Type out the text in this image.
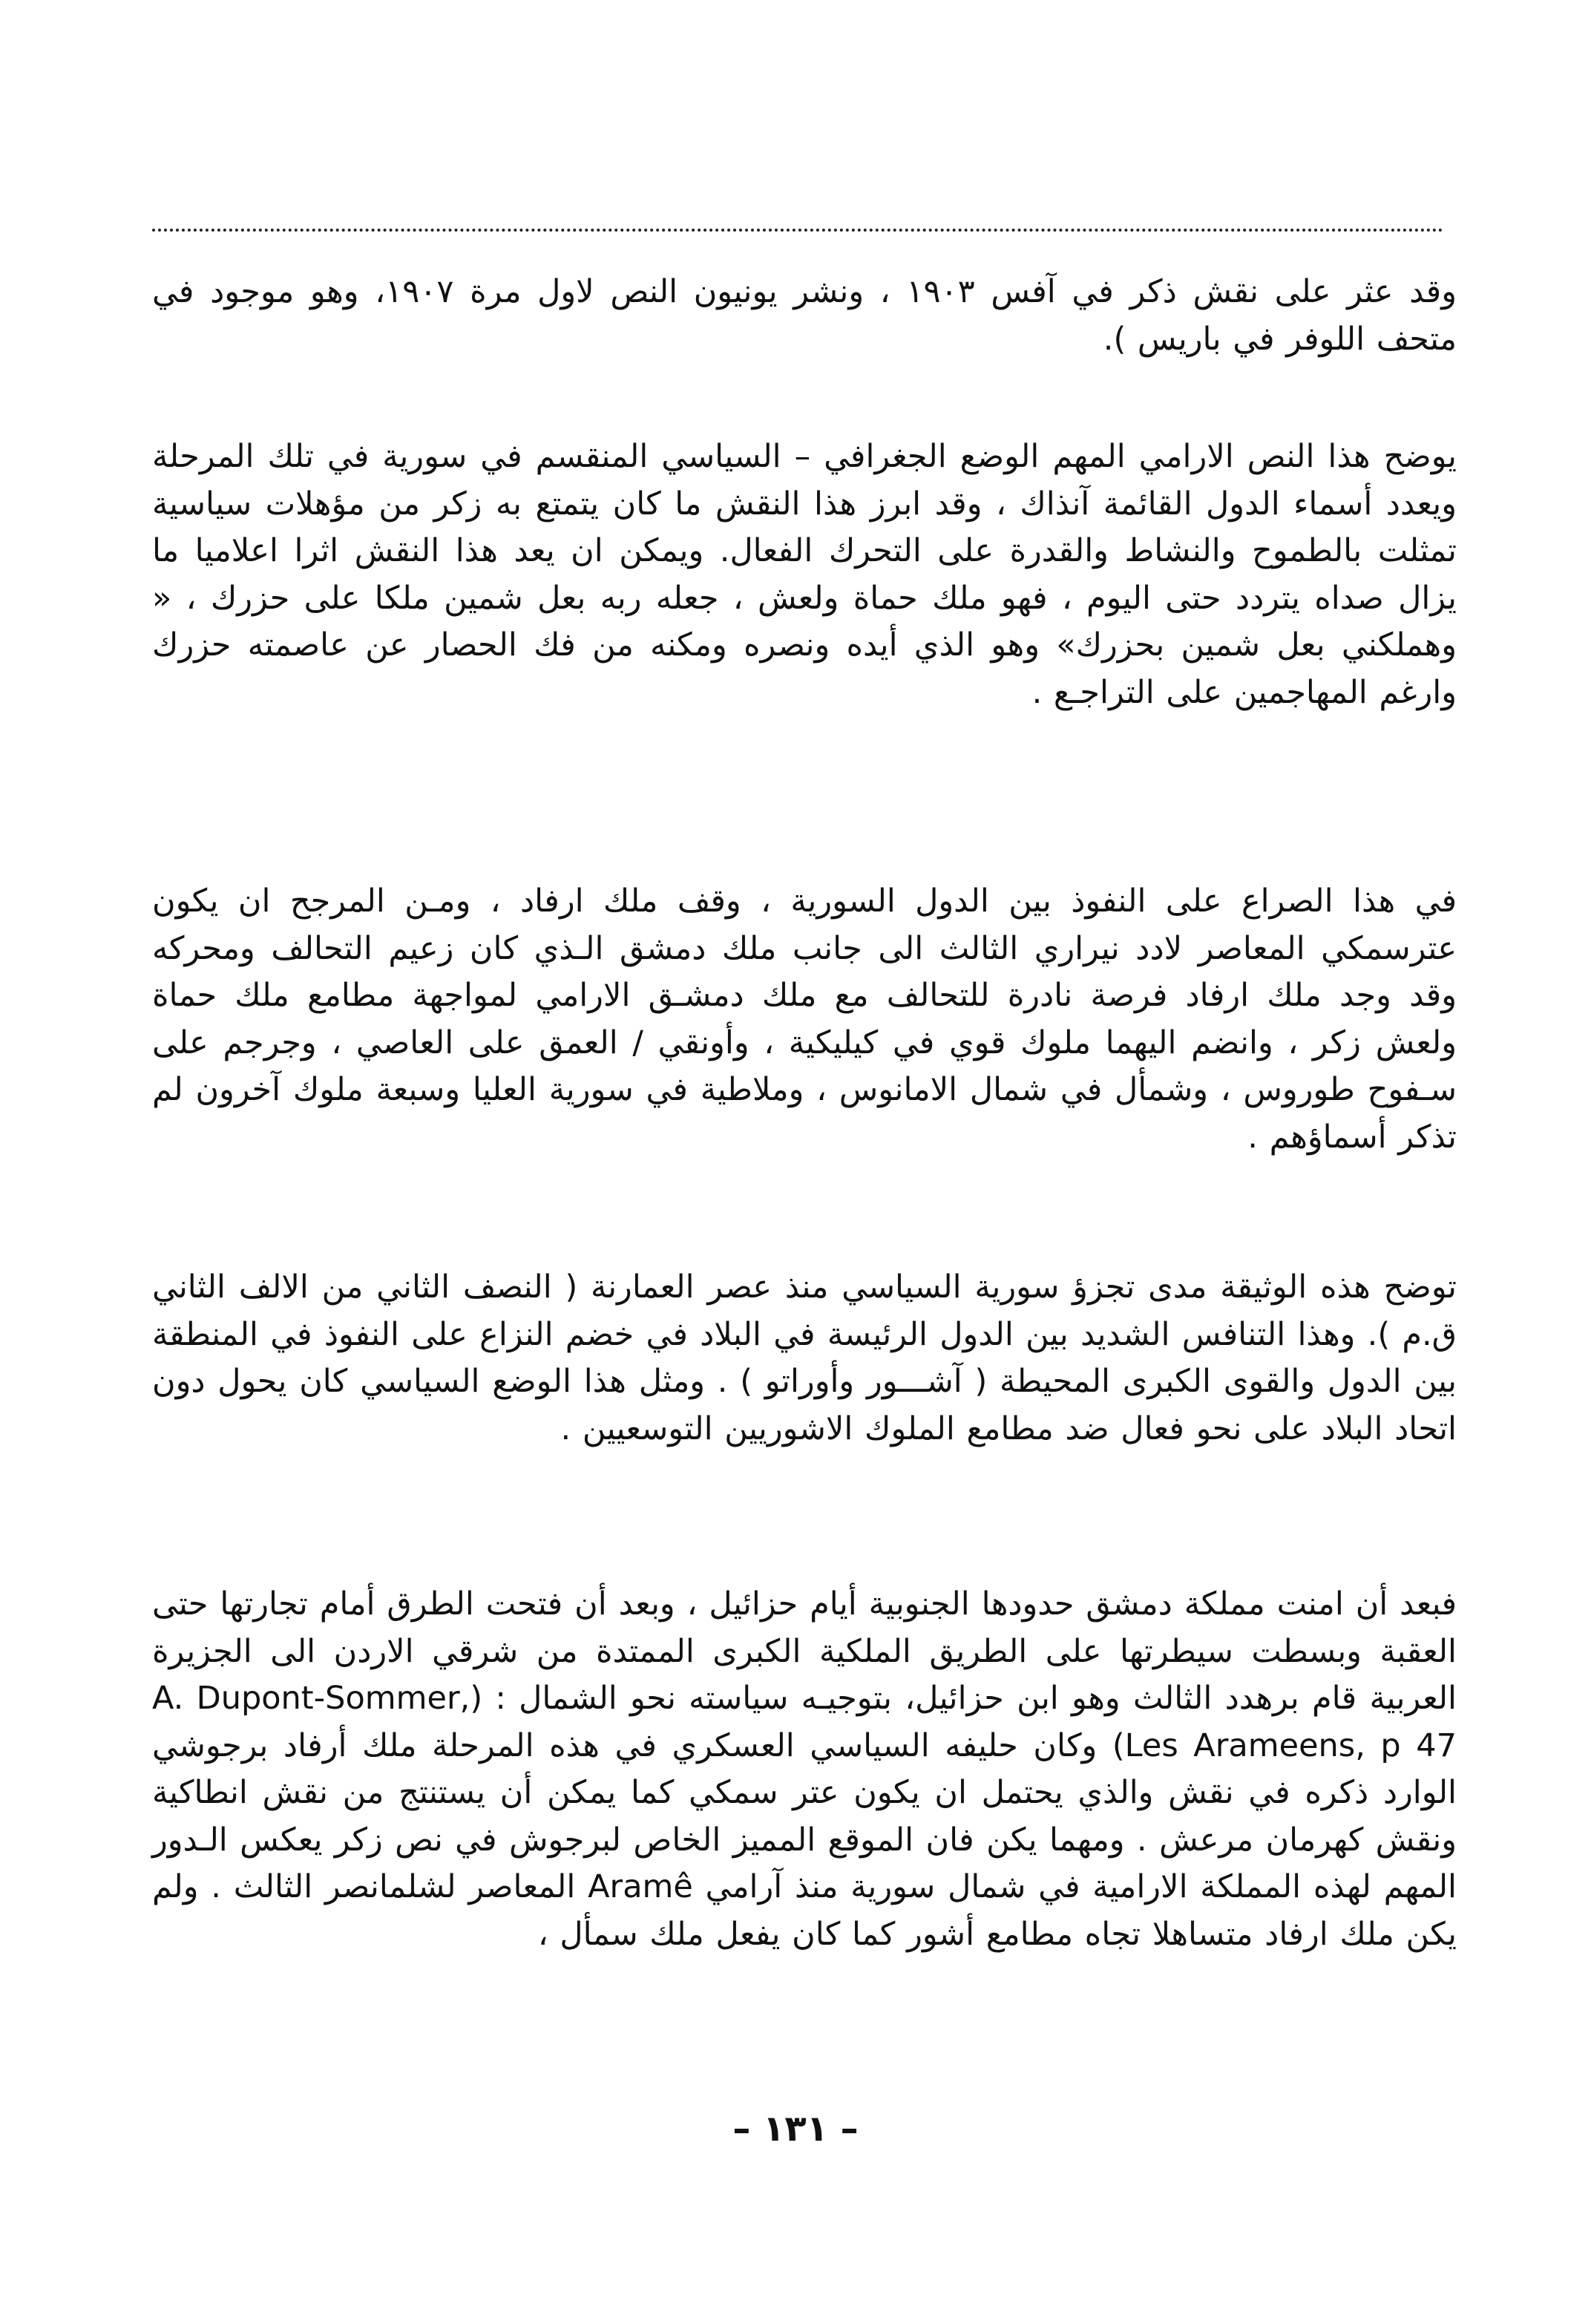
وقد عثر على نقش ذكر في آفس ١٩٠٣ ، ونشر يونيون النص لاول مرة ١٩٠٧، وهو موجود في متحف اللوفر في باريس ).

يوضح هذا النص الارامي المهم الوضع الجغرافي – السياسي المنقسم في سورية في تلك المرحلة ويعدد أسماء الدول القائمة آنذاك ، وقد ابرز هذا النقش ما كان يتمتع به زكر من مؤهلات سياسية تمثلت بالطموح والنشاط والقدرة على التحرك الفعال. ويمكن ان يعد هذا النقش اثرا اعلاميا ما يزال صداه يتردد حتى اليوم ، فهو ملك حماة ولعش ، جعله ربه بعل شمين ملكا على حزرك ، « وهملكني بعل شمين بحزرك» وهو الذي أيده ونصره ومكنه من فك الحصار عن عاصمته حزرك وارغم المهاجمين على التراجـع .

في هذا الصراع على النفوذ بين الدول السورية ، وقف ملك ارفاد ، ومـن المرجح ان يكون عترسمكي المعاصر لادد نيراري الثالث الى جانب ملك دمشق الـذي كان زعيم التحالف ومحركه وقد وجد ملك ارفاد فرصة نادرة للتحالف مع ملك دمشـق الارامي لمواجهة مطامع ملك حماة ولعش زكر ، وانضم اليهما ملوك قوي في كيليكية ، وأونقي / العمق على العاصي ، وجرجم على سـفوح طوروس ، وشمأل في شمال الامانوس ، وملاطية في سورية العليا وسبعة ملوك آخرون لم تذكر أسماؤهم .

توضح هذه الوثيقة مدى تجزؤ سورية السياسي منذ عصر العمارنة ( النصف الثاني من الالف الثاني ق.م ). وهذا التنافس الشديد بين الدول الرئيسة في البلاد في خضم النزاع على النفوذ في المنطقة بين الدول والقوى الكبرى المحيطة ( آشـــور وأوراتو ) . ومثل هذا الوضع السياسي كان يحول دون اتحاد البلاد على نحو فعال ضد مطامع الملوك الاشوريين التوسعيين .

فبعد أن امنت مملكة دمشق حدودها الجنوبية أيام حزائيل ، وبعد أن فتحت الطرق أمام تجارتها حتى العقبة وبسطت سيطرتها على الطريق الملكية الكبرى الممتدة من شرقي الاردن الى الجزيرة العربية قام برهدد الثالث وهو ابن حزائيل، بتوجيـه سياسته نحو الشمال : (A. Dupont-Sommer, Les Arameens, p 47) وكان حليفه السياسي العسكري في هذه المرحلة ملك أرفاد برجوشي الوارد ذكره في نقش والذي يحتمل ان يكون عتر سمكي كما يمكن أن يستنتج من نقش انطاكية ونقش كهرمان مرعش . ومهما يكن فان الموقع المميز الخاص لبرجوش في نص زكر يعكس الـدور المهم لهذه المملكة الارامية في شمال سورية منذ آرامي Aramê المعاصر لشلمانصر الثالث . ولم يكن ملك ارفاد متساهلا تجاه مطامع أشور كما كان يفعل ملك سمأل ،

– ١٣١ –
